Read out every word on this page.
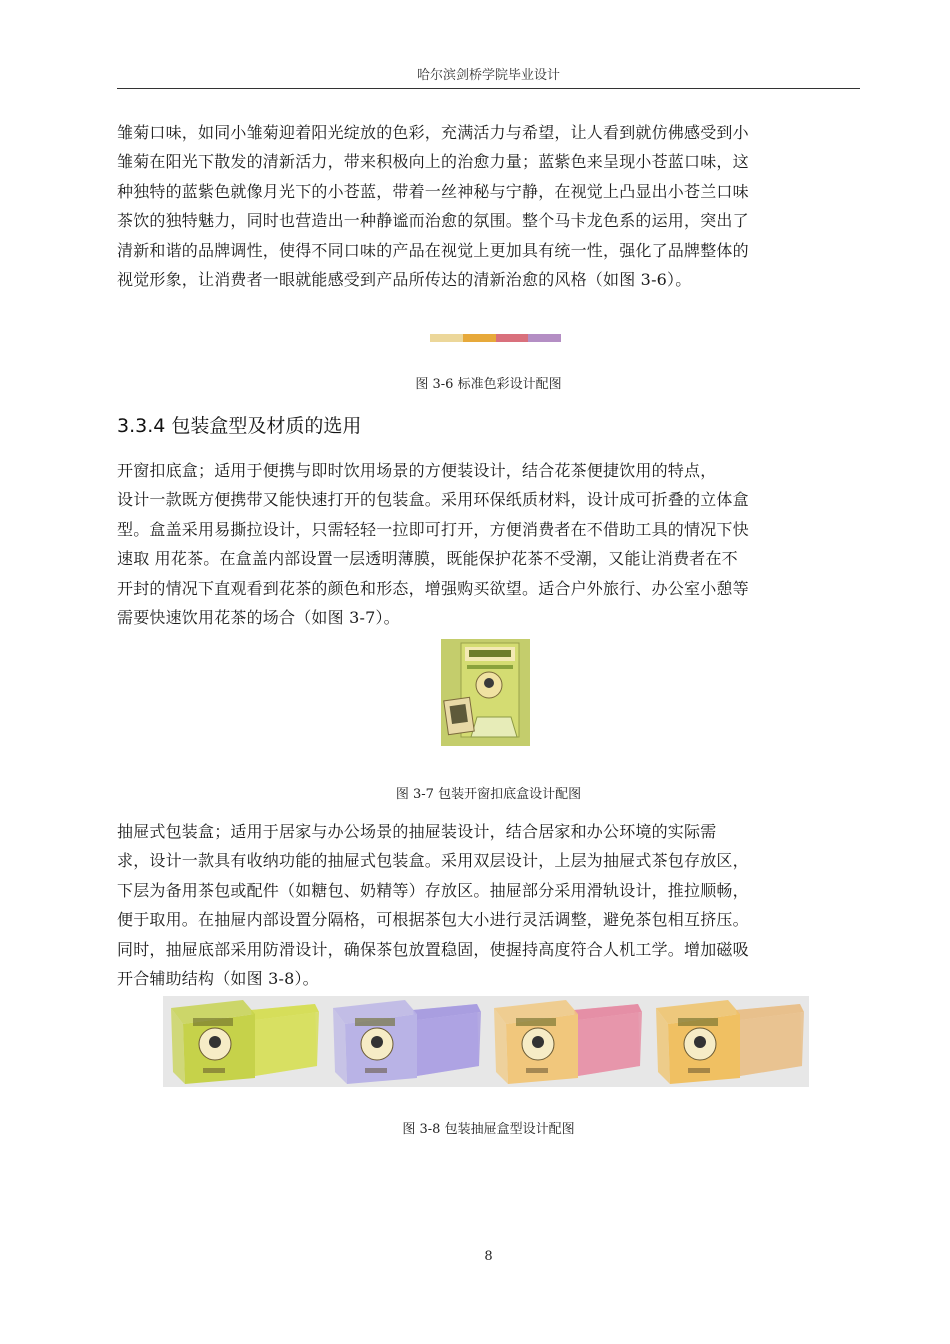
哈尔滨剑桥学院毕业设计
雏菊口味，如同小雏菊迎着阳光绽放的色彩，充满活力与希望，让人看到就仿佛感受到小
雏菊在阳光下散发的清新活力，带来积极向上的治愈力量；蓝紫色来呈现小苍蓝口味，这
种独特的蓝紫色就像月光下的小苍蓝，带着一丝神秘与宁静，在视觉上凸显出小苍兰口味
茶饮的独特魅力，同时也营造出一种静谧而治愈的氛围。整个马卡龙色系的运用，突出了
清新和谐的品牌调性，使得不同口味的产品在视觉上更加具有统一性，强化了品牌整体的
视觉形象，让消费者一眼就能感受到产品所传达的清新治愈的风格（如图 3-6）。
图 3-6 标准色彩设计配图
3.3.4 包装盒型及材质的选用
开窗扣底盒；适用于便携与即时饮用场景的方便装设计，结合花茶便捷饮用的特点，
设计一款既方便携带又能快速打开的包装盒。采用环保纸质材料，设计成可折叠的立体盒
型。盒盖采用易撕拉设计，只需轻轻一拉即可打开，方便消费者在不借助工具的情况下快
速取 用花茶。在盒盖内部设置一层透明薄膜，既能保护花茶不受潮，又能让消费者在不
开封的情况下直观看到花茶的颜色和形态，增强购买欲望。适合户外旅行、办公室小憩等
需要快速饮用花茶的场合（如图 3-7）。
图 3-7 包装开窗扣底盒设计配图
抽屉式包装盒；适用于居家与办公场景的抽屉装设计，结合居家和办公环境的实际需
求，设计一款具有收纳功能的抽屉式包装盒。采用双层设计，上层为抽屉式茶包存放区，
下层为备用茶包或配件（如糖包、奶精等）存放区。抽屉部分采用滑轨设计，推拉顺畅，
便于取用。在抽屉内部设置分隔格，可根据茶包大小进行灵活调整，避免茶包相互挤压。
同时，抽屉底部采用防滑设计，确保茶包放置稳固，使握持高度符合人机工学。增加磁吸
开合辅助结构（如图 3-8）。
图 3-8 包装抽屉盒型设计配图
8
